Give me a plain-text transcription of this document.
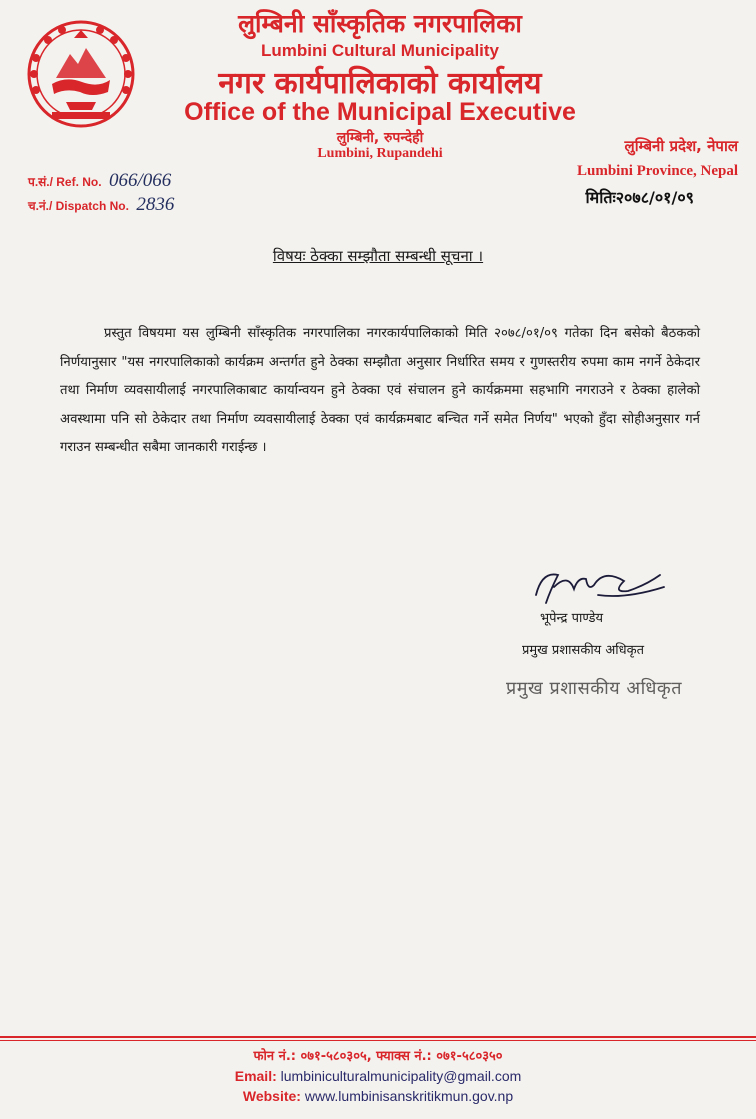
लुम्बिनी साँस्कृतिक नगरपालिका
Lumbini Cultural Municipality
नगर कार्यपालिकाको कार्यालय
Office of the Municipal Executive
लुम्बिनी, रुपन्देही
Lumbini, Rupandehi	लुम्बिनी प्रदेश, नेपाल
Lumbini Province, Nepal
प.सं./ Ref. No. 066/066
च.नं./ Dispatch No. 2836	मितिः२०७८/०१/०९
विषयः ठेक्का सम्झौता सम्बन्धी सूचना ।
प्रस्तुत विषयमा यस लुम्बिनी साँस्कृतिक नगरपालिका नगरकार्यपालिकाको मिति २०७८/०१/०९ गतेका दिन बसेको बैठकको निर्णयानुसार "यस नगरपालिकाको कार्यक्रम अन्तर्गत हुने ठेक्का सम्झौता अनुसार निर्धारित समय र गुणस्तरीय रुपमा काम नगर्ने ठेकेदार तथा निर्माण व्यवसायीलाई नगरपालिकाबाट कार्यान्वयन हुने ठेक्का एवं संचालन हुने कार्यक्रममा सहभागि नगराउने र ठेक्का हालेको अवस्थामा पनि सो ठेकेदार तथा निर्माण व्यवसायीलाई ठेक्का एवं कार्यक्रमबाट बन्चित गर्ने समेत निर्णय" भएको हुँदा सोहीअनुसार गर्न गराउन सम्बन्धीत सबैमा जानकारी गराईन्छ ।
भूपेन्द्र पाण्डेय
प्रमुख प्रशासकीय अधिकृत
प्रमुख प्रशासकीय अधिकृत
फोन नं.: ०७१-५८०३०५, फ्याक्स नं.: ०७१-५८०३५०
Email: lumbiniculturalmunicipality@gmail.com
Website: www.lumbinisanskritikmun.gov.np
